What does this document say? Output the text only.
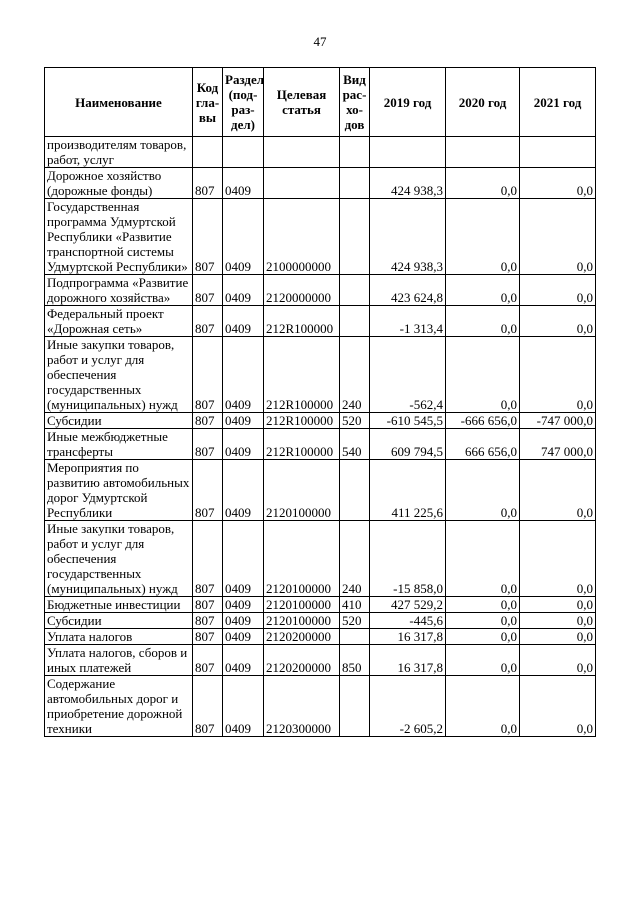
47
Наименование	Код гла- вы	Раздел (под- раз- дел)	Целевая статья	Вид рас- хо- дов	2019 год	2020 год	2021 год
производителям товаров, работ, услуг							
Дорожное хозяйство (дорожные фонды)	807	0409			424 938,3	0,0	0,0
Государственная программа Удмуртской Республики «Развитие транспортной системы Удмуртской Республики»	807	0409	2100000000		424 938,3	0,0	0,0
Подпрограмма «Развитие дорожного хозяйства»	807	0409	2120000000		423 624,8	0,0	0,0
Федеральный проект «Дорожная сеть»	807	0409	212R100000		-1 313,4	0,0	0,0
Иные закупки товаров, работ и услуг для обеспечения государственных (муниципальных) нужд	807	0409	212R100000	240	-562,4	0,0	0,0
Субсидии	807	0409	212R100000	520	-610 545,5	-666 656,0	-747 000,0
Иные межбюджетные трансферты	807	0409	212R100000	540	609 794,5	666 656,0	747 000,0
Мероприятия по развитию автомобильных дорог Удмуртской Республики	807	0409	2120100000		411 225,6	0,0	0,0
Иные закупки товаров, работ и услуг для обеспечения государственных (муниципальных) нужд	807	0409	2120100000	240	-15 858,0	0,0	0,0
Бюджетные инвестиции	807	0409	2120100000	410	427 529,2	0,0	0,0
Субсидии	807	0409	2120100000	520	-445,6	0,0	0,0
Уплата налогов	807	0409	2120200000		16 317,8	0,0	0,0
Уплата налогов, сборов и иных платежей	807	0409	2120200000	850	16 317,8	0,0	0,0
Содержание автомобильных дорог и приобретение дорожной техники	807	0409	2120300000		-2 605,2	0,0	0,0
